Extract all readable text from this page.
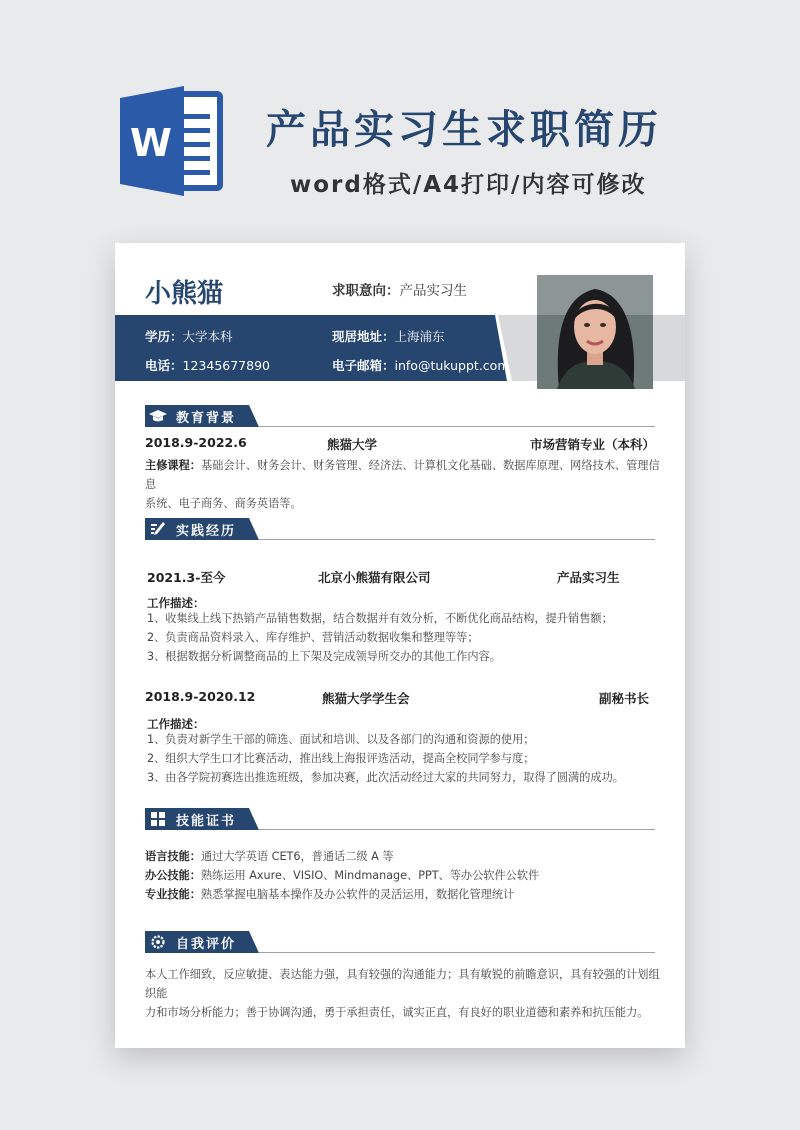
W 产品实习生求职简历
word格式/A4打印/内容可修改
小熊猫	求职意向：产品实习生
学历：大学本科	现居地址：上海浦东
电话：12345677890	电子邮箱：info@tukuppt.com
教育背景
2018.9-2022.6	熊猫大学	市场营销专业（本科）
主修课程：基础会计、财务会计、财务管理、经济法、计算机文化基础、数据库原理、网络技术、管理信息
系统、电子商务、商务英语等。
实践经历
2021.3-至今	北京小熊猫有限公司	产品实习生
工作描述：
1、收集线上线下热销产品销售数据，结合数据并有效分析，不断优化商品结构，提升销售额；
2、负责商品资料录入、库存维护、营销活动数据收集和整理等等；
3、根据数据分析调整商品的上下架及完成领导所交办的其他工作内容。
2018.9-2020.12	熊猫大学学生会	副秘书长
工作描述：
1、负责对新学生干部的筛选、面试和培训、以及各部门的沟通和资源的使用；
2、组织大学生口才比赛活动，推出线上海报评选活动，提高全校同学参与度；
3、由各学院初赛选出推选班级，参加决赛，此次活动经过大家的共同努力，取得了圆满的成功。
技能证书
语言技能：通过大学英语 CET6，普通话二级 A 等
办公技能：熟练运用 Axure、VISIO、Mindmanage、PPT、等办公软件公软件
专业技能：熟悉掌握电脑基本操作及办公软件的灵活运用，数据化管理统计
自我评价
本人工作细致，反应敏捷、表达能力强，具有较强的沟通能力；具有敏锐的前瞻意识，具有较强的计划组织能
力和市场分析能力；善于协调沟通，勇于承担责任，诚实正直，有良好的职业道德和素养和抗压能力。
